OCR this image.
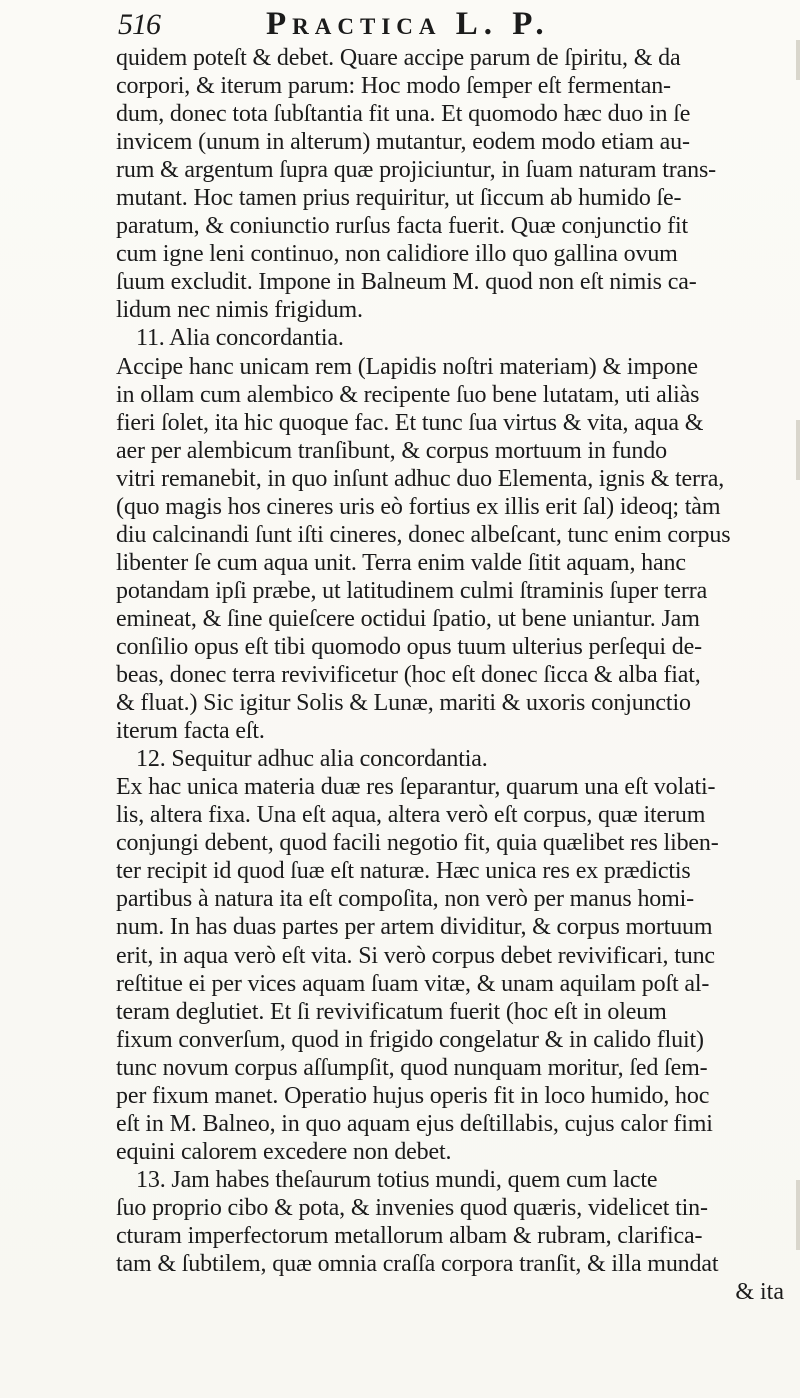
516	Practica L. P.
quidem poteſt & debet. Quare accipe parum de ſpiritu, & da
corpori, & iterum parum: Hoc modo ſemper eſt fermentan-
dum, donec tota ſubſtantia fit una. Et quomodo hæc duo in ſe
invicem (unum in alterum) mutantur, eodem modo etiam au-
rum & argentum ſupra quæ projiciuntur, in ſuam naturam trans-
mutant. Hoc tamen prius requiritur, ut ſiccum ab humido ſe-
paratum, & coniunctio rurſus facta fuerit. Quæ conjunctio fit
cum igne leni continuo, non calidiore illo quo gallina ovum
ſuum excludit. Impone in Balneum M. quod non eſt nimis ca-
lidum nec nimis frigidum.
11. Alia concordantia.
Accipe hanc unicam rem (Lapidis noſtri materiam) & impone
in ollam cum alembico & recipente ſuo bene lutatam, uti aliàs
fieri ſolet, ita hic quoque fac. Et tunc ſua virtus & vita, aqua &
aer per alembicum tranſibunt, & corpus mortuum in fundo
vitri remanebit, in quo inſunt adhuc duo Elementa, ignis & terra,
(quo magis hos cineres uris eò fortius ex illis erit ſal) ideoq; tàm
diu calcinandi ſunt iſti cineres, donec albeſcant, tunc enim corpus
libenter ſe cum aqua unit. Terra enim valde ſitit aquam, hanc
potandam ipſi præbe, ut latitudinem culmi ſtraminis ſuper terra
emineat, & ſine quieſcere octidui ſpatio, ut bene uniantur. Jam
conſilio opus eſt tibi quomodo opus tuum ulterius perſequi de-
beas, donec terra revivificetur (hoc eſt donec ſicca & alba fiat,
& fluat.) Sic igitur Solis & Lunæ, mariti & uxoris conjunctio
iterum facta eſt.
12. Sequitur adhuc alia concordantia.
Ex hac unica materia duæ res ſeparantur, quarum una eſt volati-
lis, altera fixa. Una eſt aqua, altera verò eſt corpus, quæ iterum
conjungi debent, quod facili negotio fit, quia quælibet res liben-
ter recipit id quod ſuæ eſt naturæ. Hæc unica res ex prædictis
partibus à natura ita eſt compoſita, non verò per manus homi-
num. In has duas partes per artem dividitur, & corpus mortuum
erit, in aqua verò eſt vita. Si verò corpus debet revivificari, tunc
reſtitue ei per vices aquam ſuam vitæ, & unam aquilam poſt al-
teram deglutiet. Et ſi revivificatum fuerit (hoc eſt in oleum
fixum converſum, quod in frigido congelatur & in calido fluit)
tunc novum corpus aſſumpſit, quod nunquam moritur, ſed ſem-
per fixum manet. Operatio hujus operis fit in loco humido, hoc
eſt in M. Balneo, in quo aquam ejus deſtillabis, cujus calor fimi
equini calorem excedere non debet.
13. Jam habes theſaurum totius mundi, quem cum lacte
ſuo proprio cibo & pota, & invenies quod quæris, videlicet tin-
cturam imperfectorum metallorum albam & rubram, clarifica-
tam & ſubtilem, quæ omnia craſſa corpora tranſit, & illa mundat
& ita
